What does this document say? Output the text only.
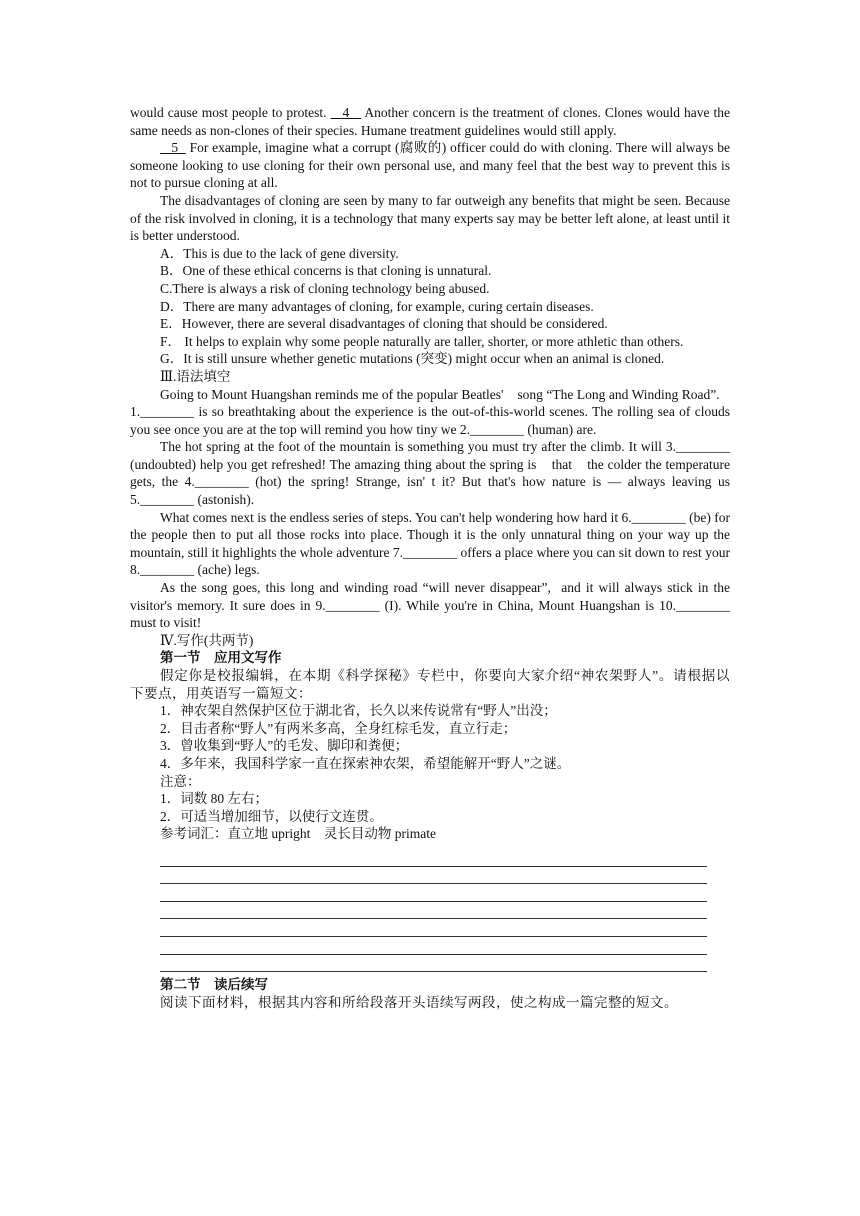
would cause most people to protest.    4    Another concern is the treatment of clones. Clones would have the same needs as non-clones of their species. Humane treatment guidelines would still apply.

5   For example, imagine what a corrupt (腐败的) officer could do with cloning. There will always be someone looking to use cloning for their own personal use, and many feel that the best way to prevent this is not to pursue cloning at all.

The disadvantages of cloning are seen by many to far outweigh any benefits that might be seen. Because of the risk involved in cloning, it is a technology that many experts say may be better left alone, at least until it is better understood.

A．This is due to the lack of gene diversity.

B．One of these ethical concerns is that cloning is unnatural.

C.There is always a risk of cloning technology being abused.

D．There are many advantages of cloning, for example, curing certain diseases.

E．However, there are several disadvantages of cloning that should be considered.

F． It helps to explain why some people naturally are taller, shorter, or more athletic than others.

G．It is still unsure whether genetic mutations (突变) might occur when an animal is cloned.

Ⅲ.语法填空

Going to Mount Huangshan reminds me of the popular Beatles'    song “The Long and Winding Road”.    1.________ is so breathtaking about the experience is the out-of-this-world scenes. The rolling sea of clouds you see once you are at the top will remind you how tiny we 2.________ (human) are.

The hot spring at the foot of the mountain is something you must try after the climb. It will 3.________ (undoubted) help you get refreshed! The amazing thing about the spring is    that    the colder the temperature gets, the 4.________ (hot) the spring! Strange, isn' t it? But that's how nature is — always leaving us 5.________ (astonish).

What comes next is the endless series of steps. You can't help wondering how hard it 6.________ (be) for the people then to put all those rocks into place. Though it is the only unnatural thing on your way up the mountain, still it highlights the whole adventure 7.________ offers a place where you can sit down to rest your 8.________ (ache) legs.

As the song goes, this long and winding road “will never disappear”,  and it will always stick in the visitor's memory. It sure does in 9.________ (I). While you're in China, Mount Huangshan is 10.________ must to visit!

Ⅳ.写作(共两节)

第一节　应用文写作

假定你是校报编辑，在本期《科学探秘》专栏中，你要向大家介绍“神农架野人”。请根据以下要点，用英语写一篇短文：

1．神农架自然保护区位于湖北省，长久以来传说常有“野人”出没；

2．目击者称“野人”有两米多高，全身红棕毛发，直立行走；

3．曾收集到“野人”的毛发、脚印和粪便；

4．多年来，我国科学家一直在探索神农架，希望能解开“野人”之谜。

注意：

1．词数 80 左右；

2．可适当增加细节，以使行文连贯。

参考词汇：直立地 upright　灵长目动物 primate

第二节　读后续写

阅读下面材料，根据其内容和所给段落开头语续写两段，使之构成一篇完整的短文。
